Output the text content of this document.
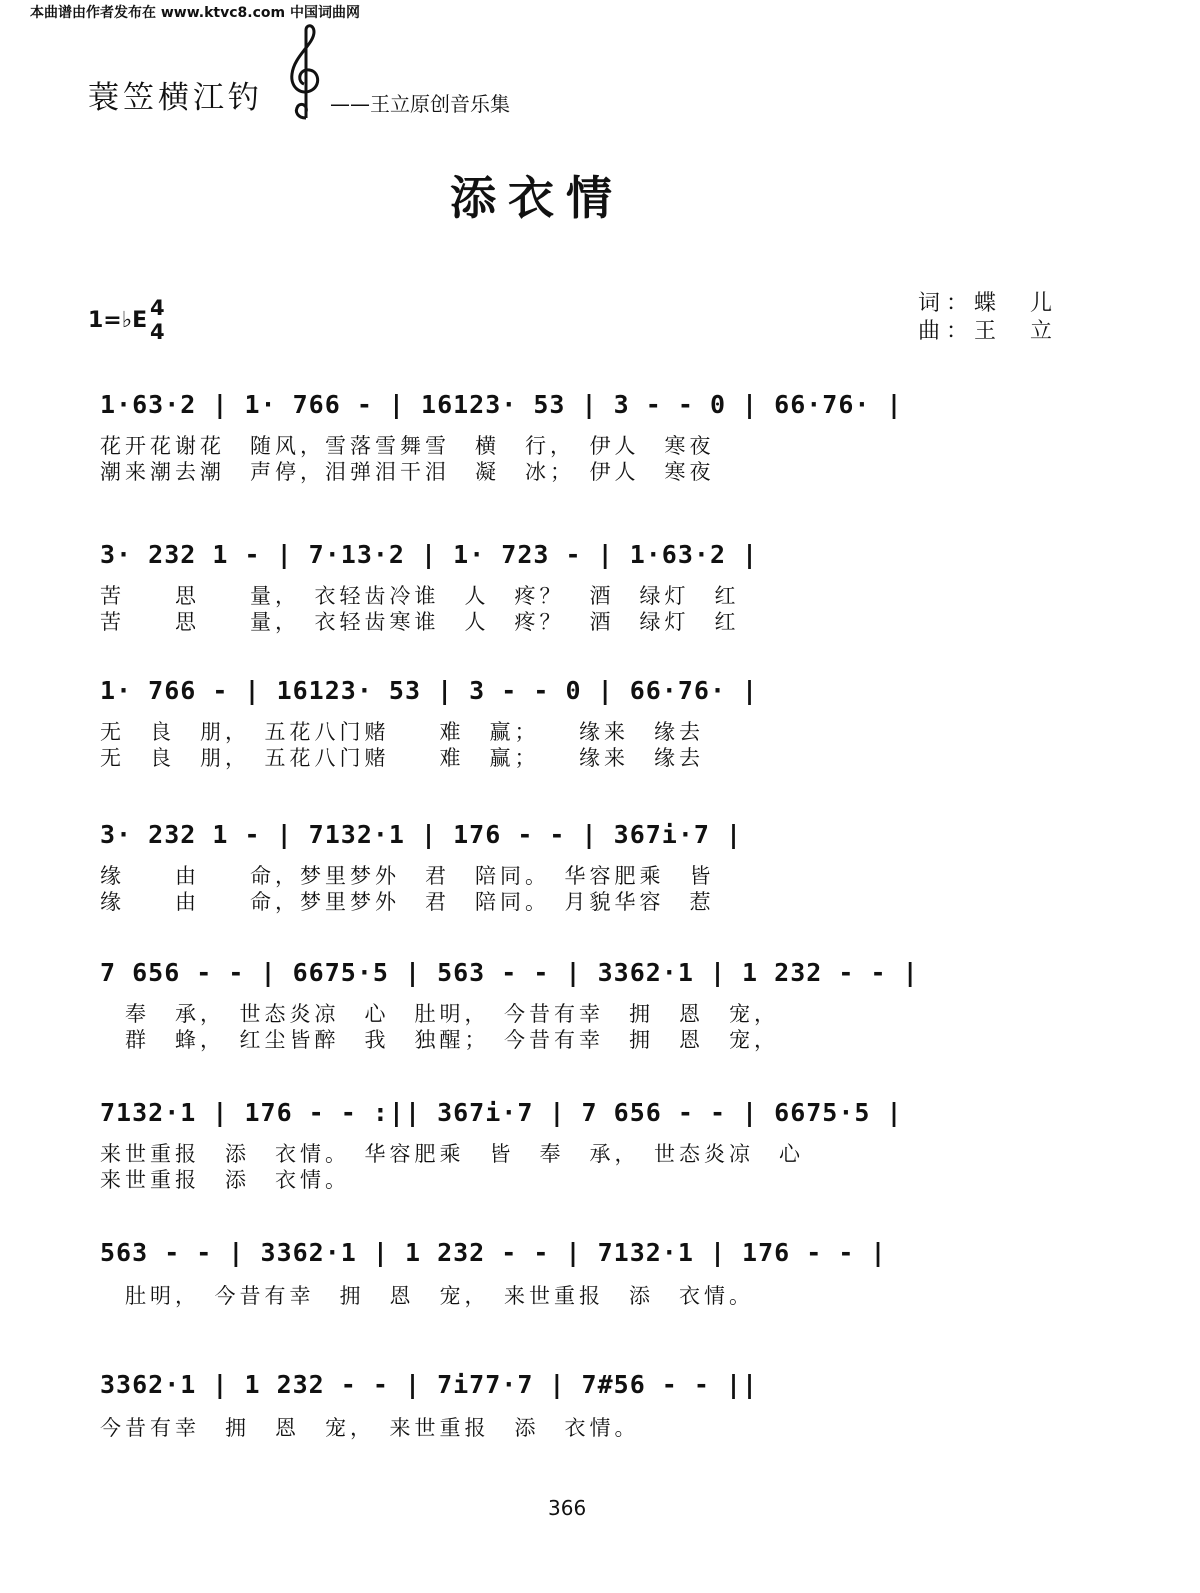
本曲谱由作者发布在 www.ktvc8.com 中国词曲网
蓑笠横江钓	——王立原创音乐集
添衣情
词：蝶　儿
曲：王　立
1=♭E 4
4
1·63·2 | 1· 766 - | 16123· 53 | 3 - - 0 | 66·76· |
花开花谢花　随风，雪落雪舞雪　横　行，　伊人　寒夜
潮来潮去潮　声停，泪弹泪干泪　凝　冰；　伊人　寒夜
3· 232 1 - | 7·13·2 | 1· 723 - | 1·63·2 |
苦　　思　　量，　衣轻齿冷谁　人　疼？　酒　绿灯　红
苦　　思　　量，　衣轻齿寒谁　人　疼？　酒　绿灯　红
1· 766 - | 16123· 53 | 3 - - 0 | 66·76· |
无　良　朋，　五花八门赌　　难　赢；　　缘来　缘去
无　良　朋，　五花八门赌　　难　赢；　　缘来　缘去
3· 232 1 - | 7132·1 | 176 - - | 367i·7 |
缘　　由　　命，梦里梦外　君　陪同。　华容肥乘　皆
缘　　由　　命，梦里梦外　君　陪同。　月貌华容　惹
7 656 - - | 6675·5 | 563 - - | 3362·1 | 1 232 - - |
　奉　承，　世态炎凉　心　肚明，　今昔有幸　拥　恩　宠，
　群　蜂，　红尘皆醉　我　独醒；　今昔有幸　拥　恩　宠，
7132·1 | 176 - - :|| 367i·7 | 7 656 - - | 6675·5 |
来世重报　添　衣情。　华容肥乘　皆　奉　承，　世态炎凉　心
来世重报　添　衣情。
563 - - | 3362·1 | 1 232 - - | 7132·1 | 176 - - |
　肚明，　今昔有幸　拥　恩　宠，　来世重报　添　衣情。
3362·1 | 1 232 - - | 7i77·7 | 7#56 - - ||
今昔有幸　拥　恩　宠，　来世重报　添　衣情。
366
